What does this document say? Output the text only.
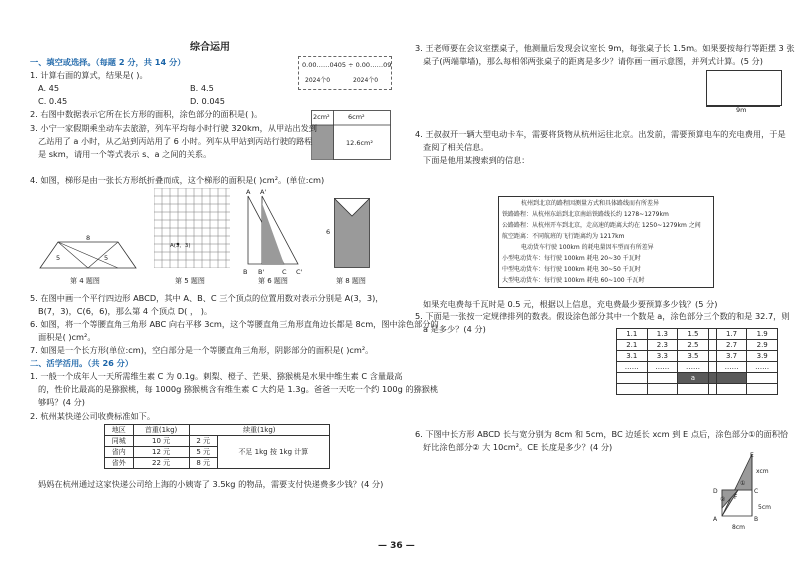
综合运用
一、填空或选择。（每题 2 分，共 14 分）
1. 计算右面的算式，结果是( )。
A. 45	B. 4.5
C. 0.45	D. 0.045
0.00……0405 ÷ 0.00……09
2024个0	2024个0
2. 右图中数据表示它所在长方形的面积，涂色部分的面积是( )。	2cm²	6cm²
12.6cm²
3. 小宁一家假期乘坐动车去旅游，列车平均每小时行驶 320km，从甲站出发到
乙站用了 a 小时，从乙站到丙站用了 6 小时。列车从甲站到丙站行驶的路程
是 skm，请用一个等式表示 s、a 之间的关系。
4. 如图，梯形是由一张长方形纸折叠而成，这个梯形的面积是( )cm²。(单位:cm)
8
5	5
第 4 题图
A(3，3)
第 5 题图
A A'
B B'	C C'
第 6 题图
6
第 8 题图
5. 在图中画一个平行四边形 ABCD，其中 A、B、C 三个顶点的位置用数对表示分别是 A(3，3)，
B(7，3)，C(6，6)，那么第 4 个顶点 D( ， )。
6. 如图，将一个等腰直角三角形 ABC 向右平移 3cm，这个等腰直角三角形直角边长都是 8cm，图中涂色部分的
面积是( )cm²。
7. 如图是一个长方形(单位:cm)，空白部分是一个等腰直角三角形，阴影部分的面积是( )cm²。
二、活学活用。（共 26 分）
1. 一般一个成年人一天所需维生素 C 为 0.1g。刺梨、橙子、芒果、猕猴桃是水果中维生素 C 含量最高
的，性价比最高的是猕猴桃，每 1000g 猕猴桃含有维生素 C 大约是 1.3g。爸爸一天吃一个约 100g 的猕猴桃
够吗？(4 分)
2. 杭州某快递公司收费标准如下。
地区	首重(1kg)	续重(1kg)	
同城	10 元	2 元	不足 1kg 按 1kg 计算
省内	12 元	5 元	
省外	22 元	8 元	
妈妈在杭州通过这家快递公司给上海的小姨寄了 3.5kg 的物品，需要支付快递费多少钱？(4 分)
3. 王老师要在会议室摆桌子，他测量后发现会议室长 9m，每张桌子长 1.5m。如果要按每行等距摆 3 张
桌子(两端靠墙)，那么每相邻两张桌子的距离是多少？请你画一画示意图，并列式计算。(5 分)
9m
4. 王叔叔开一辆大型电动卡车，需要将货物从杭州运往北京。出发前，需要预算电车的充电费用，于是
查阅了相关信息。
下面是他用某搜索到的信息：
杭州到北京的路程因测量方式和具体路线而有所差异
铁路路程：从杭州东站到北京南站铁路线长约 1278~1279km
公路路程：从杭州开车到北京，走高速的距离大约在 1250~1279km 之间
航空距离：不同航班的飞行距离约为 1217km
电动货车行驶 100km 的耗电量因车型而有所差异
小型电动货车：每行驶 100km 耗电 20~30 千瓦时
中型电动货车：每行驶 100km 耗电 30~50 千瓦时
大型电动货车：每行驶 100km 耗电 60~100 千瓦时
如果充电费每千瓦时是 0.5 元，根据以上信息，充电费最少要预算多少钱？(5 分)
5. 下面是一张按一定规律排列的数表。假设涂色部分其中一个数是 a，涂色部分三个数的和是 32.7，则
a 是多少？(4 分)	1.1	1.3	1.5		1.7	1.9
2.1	2.3	2.5		2.7	2.9
3.1	3.3	3.5		3.7	3.9
……	……	……		……	……
		a			

6. 下图中长方形 ABCD 长与宽分别为 8cm 和 5cm，BC 边延长 xcm 到 E 点后，涂色部分①的面积恰
好比涂色部分② 大 10cm²。CE 长度是多少？(4 分)
E
xcm
①
D
F
C
②
5cm
A	B
8cm
— 36 —
